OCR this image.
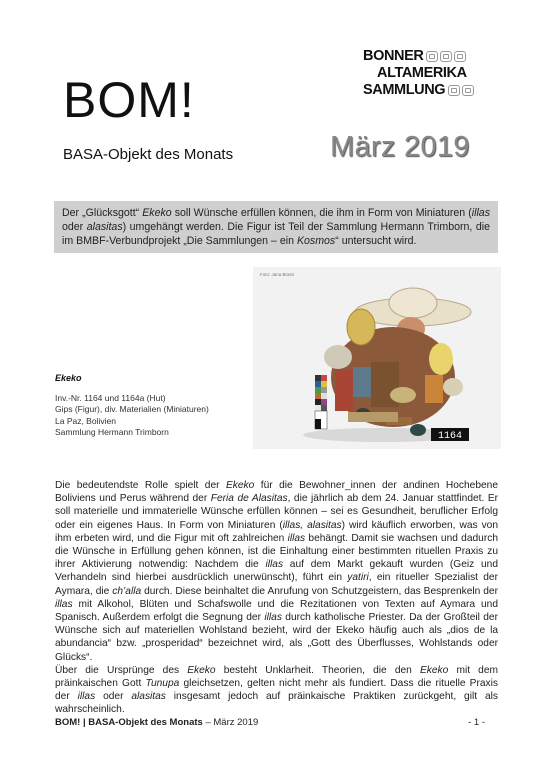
BONNER
ALTAMERIKA
SAMMLUNG
BOM!
BASA-Objekt des Monats	März 2019
Der „Glücksgott“ Ekeko soll Wünsche erfüllen können, die ihm in Form von Miniaturen (illas oder alasitas) umgehängt werden. Die Figur ist Teil der Sammlung Hermann Trimborn, die im BMBF-Verbundprojekt „Die Sammlungen – ein Kosmos“ untersucht wird.
Foto: Jana Brass
1164
Ekeko
Inv.-Nr. 1164 und 1164a (Hut)
Gips (Figur), div. Materialien (Miniaturen)
La Paz, Bolivien
Sammlung Hermann Trimborn

Die bedeutendste Rolle spielt der Ekeko für die Bewohner_innen der andinen Hochebene Boliviens und Perus während der Feria de Alasitas, die jährlich ab dem 24. Januar stattfindet. Er soll materielle und immaterielle Wünsche erfüllen können – sei es Gesundheit, beruflicher Erfolg oder ein eigenes Haus. In Form von Miniaturen (illas, alasitas) wird käuflich erworben, was von ihm erbeten wird, und die Figur mit oft zahlreichen illas behängt. Damit sie wachsen und dadurch die Wünsche in Erfüllung gehen können, ist die Einhaltung einer bestimmten rituellen Praxis zu ihrer Aktivierung notwendig: Nachdem die illas auf dem Markt gekauft wurden (Geiz und Verhandeln sind hierbei ausdrücklich unerwünscht), führt ein yatiri, ein ritueller Spezialist der Aymara, die ch’alla durch. Diese beinhaltet die Anrufung von Schutzgeistern, das Besprenkeln der illas mit Alkohol, Blüten und Schafswolle und die Rezitationen von Texten auf Aymara und Spanisch. Außerdem erfolgt die Segnung der illas durch katholische Priester. Da der Großteil der Wünsche sich auf materiellen Wohlstand bezieht, wird der Ekeko häufig auch als „dios de la abundancia“ bzw. „prosperidad“ bezeichnet wird, als „Gott des Überflusses, Wohlstands oder Glücks“.

Über die Ursprünge des Ekeko besteht Unklarheit. Theorien, die den Ekeko mit dem präinkaischen Gott Tunupa gleichsetzen, gelten nicht mehr als fundiert. Dass die rituelle Praxis der illas oder alasitas insgesamt jedoch auf präinkaische Praktiken zurückgeht, gilt als wahrscheinlich.

BOM! | BASA-Objekt des Monats – März 2019	- 1 -
